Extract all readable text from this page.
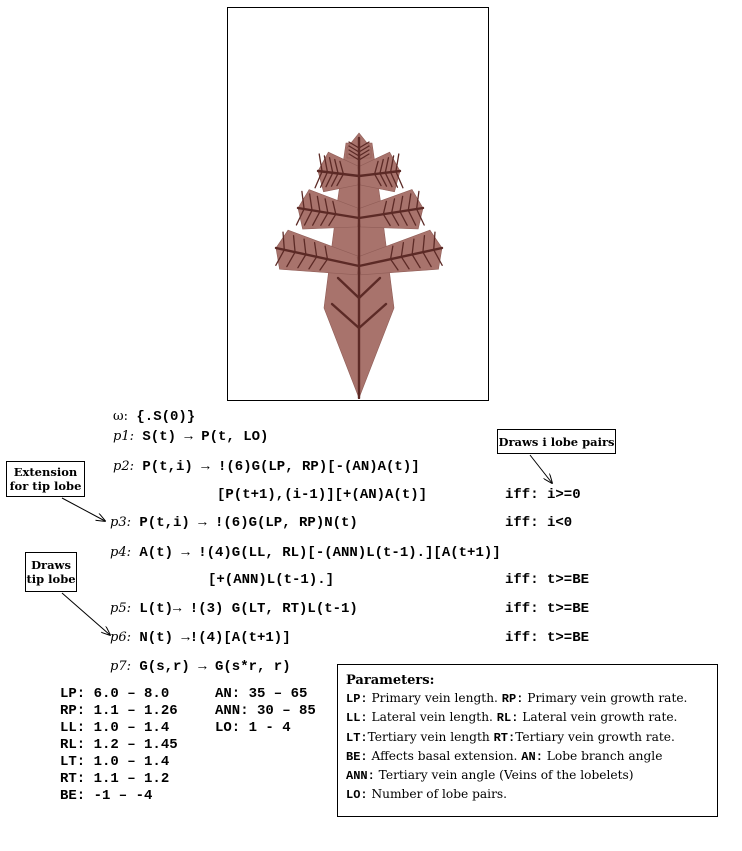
ω: {.S(0)}
p1: S(t) → P(t, LO)
p2: P(t,i) → !(6)G(LP, RP)[-(AN)A(t)]
[P(t+1),(i-1)][+(AN)A(t)]	iff: i>=0
p3: P(t,i) → !(6)G(LP, RP)N(t)	iff: i<0
p4: A(t) → !(4)G(LL, RL)[-(ANN)L(t-1).][A(t+1)]
[+(ANN)L(t-1).]	iff: t>=BE
p5: L(t)→ !(3) G(LT, RT)L(t-1)	iff: t>=BE
p6: N(t) →!(4)[A(t+1)]	iff: t>=BE
p7: G(s,r) → G(s*r, r)
Draws i lobe pairs
Extension for tip lobe
Draws tip lobe
LP: 6.0 – 8.0
RP: 1.1 – 1.26
LL: 1.0 – 1.4
RL: 1.2 – 1.45
LT: 1.0 – 1.4
RT: 1.1 – 1.2
BE: -1 – -4
AN: 35 – 65
ANN: 30 – 85
LO: 1 - 4
Parameters:
LP: Primary vein length. RP: Primary vein growth rate.
LL: Lateral vein length. RL: Lateral vein growth rate.
LT:Tertiary vein length RT:Tertiary vein growth rate.
BE: Affects basal extension. AN: Lobe branch angle
ANN: Tertiary vein angle (Veins of the lobelets)
LO: Number of lobe pairs.
